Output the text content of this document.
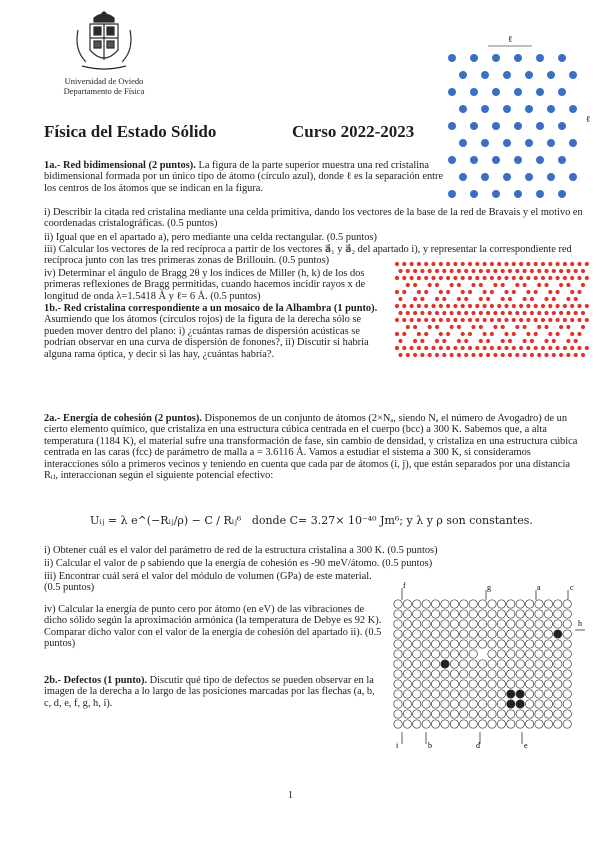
Universidad de Oviedo
Departamento de Física
ℓ
ℓ
Física del Estado Sólido	Curso 2022-2023

1a.- Red bidimensional (2 puntos). La figura de la parte superior muestra una red cristalina bidimensional formada por un único tipo de átomo (círculo azul), donde ℓ es la separación entre los centros de los átomos que se indican en la figura.

i) Describir la citada red cristalina mediante una celda primitiva, dando los vectores de la base de la red de Bravais y el motivo en coordenadas cristalográficas. (0.5 puntos)
ii) Igual que en el apartado a), pero mediante una celda rectangular. (0.5 puntos)
iii) Calcular los vectores de la red recíproca a partir de los vectores a⃗₁ y a⃗₂ del apartado i), y representar la correspondiente red recíproca junto con las tres primeras zonas de Brillouin. (0.5 puntos)
iv) Determinar el ángulo de Bragg 2θ y los índices de Miller (h, k) de los dos primeras reflexiones de Bragg permitidas, cuando hacemos incidir rayos x de longitud de onda λ=1.5418 Å y ℓ= 6 Å. (0.5 puntos)

1b.- Red cristalina correspondiente a un mosaico de la Alhambra (1 punto). Asumiendo que los átomos (círculos rojos) de la figura de la derecha sólo se pueden mover dentro del plano: i) ¿cuántas ramas de dispersión acústicas se podrían observar en una curva de dispersión de fonones?, ii) Discutir si habría alguna rama óptica, y decir si las hay, ¿cuántas habría?.

2a.- Energía de cohesión (2 puntos). Disponemos de un conjunto de átomos (2×Nₐ, siendo Nₐ el número de Avogadro) de un cierto elemento químico, que cristaliza en una estructura cúbica centrada en el cuerpo (bcc) a 300 K. Sabemos que, a alta temperatura (1184 K), el material sufre una transformación de fase, sin cambio de densidad, y cristaliza en una estructura cúbica centrada en las caras (fcc) de parámetro de malla a = 3.6116 Å. Vamos a estudiar el sistema a 300 K, si consideramos interacciones sólo a primeros vecinos y teniendo en cuenta que cada par de átomos (i, j), que están separados por una distancia Rᵢⱼ, interaccionan según el siguiente potencial efectivo:

Uᵢⱼ = λ e^(−Rᵢⱼ/ρ) − C / Rᵢⱼ⁶ donde C= 3.27× 10⁻⁴⁰ Jm⁶; y λ y ρ son constantes.
i) Obtener cuál es el valor del parámetro de red de la estructura cristalina a 300 K. (0.5 puntos)
ii) Calcular el valor de ρ sabiendo que la energía de cohesión es -90 meV/átomo. (0.5 puntos)
iii) Encontrar cuál será el valor del módulo de volumen (GPa) de este material. (0.5 puntos)
iv) Calcular la energía de punto cero por átomo (en eV) de las vibraciones de dicho sólido según la aproximación armónica (la temperatura de Debye es 92 K). Comparar dicho valor con el valor de la energía de cohesión del apartado ii). (0.5 puntos)

2b.- Defectos (1 punto). Discutir qué tipo de defectos se pueden observar en la imagen de la derecha a lo largo de las posiciones marcadas por las flechas (a, b, c, d, e, f, g, h, i).

f	g	a	c
i	b	d	e
h
1
